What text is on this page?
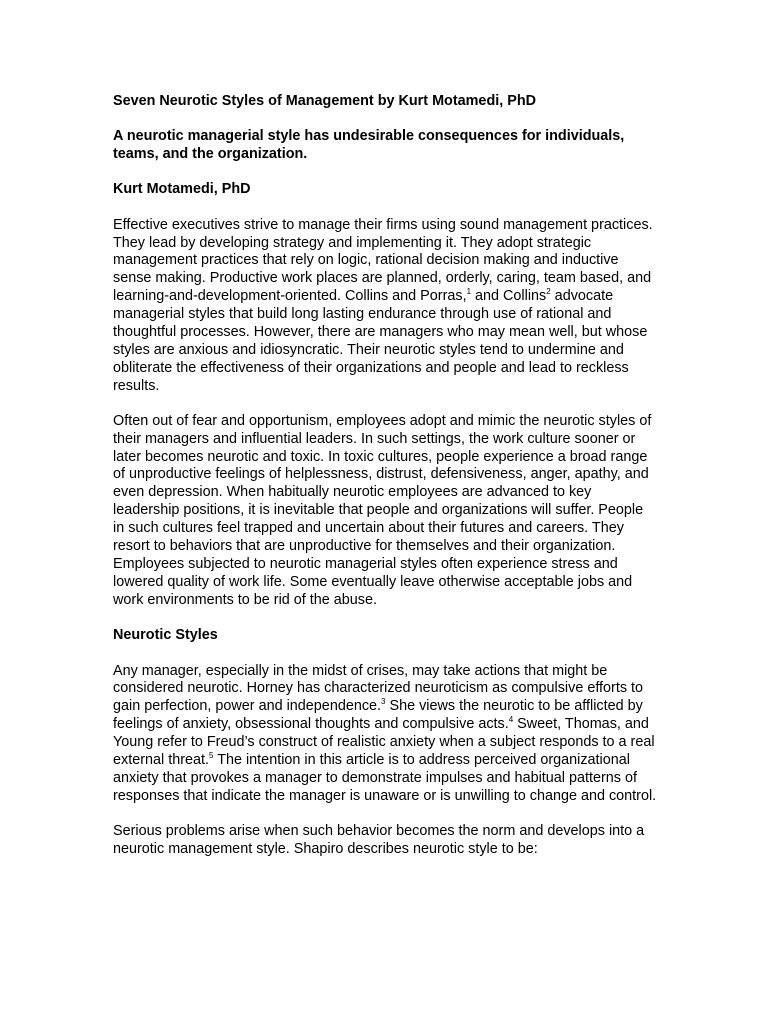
Seven Neurotic Styles of Management by Kurt Motamedi, PhD

A neurotic managerial style has undesirable consequences for individuals, teams, and the organization.

Kurt Motamedi, PhD

Effective executives strive to manage their firms using sound management practices. They lead by developing strategy and implementing it. They adopt strategic management practices that rely on logic, rational decision making and inductive sense making. Productive work places are planned, orderly, caring, team based, and learning-and-development-oriented. Collins and Porras,$^1$ and Collins$^2$ advocate managerial styles that build long lasting endurance through use of rational and thoughtful processes. However, there are managers who may mean well, but whose styles are anxious and idiosyncratic. Their neurotic styles tend to undermine and obliterate the effectiveness of their organizations and people and lead to reckless results.

Often out of fear and opportunism, employees adopt and mimic the neurotic styles of their managers and influential leaders. In such settings, the work culture sooner or later becomes neurotic and toxic. In toxic cultures, people experience a broad range of unproductive feelings of helplessness, distrust, defensiveness, anger, apathy, and even depression. When habitually neurotic employees are advanced to key leadership positions, it is inevitable that people and organizations will suffer. People in such cultures feel trapped and uncertain about their futures and careers. They resort to behaviors that are unproductive for themselves and their organization. Employees subjected to neurotic managerial styles often experience stress and lowered quality of work life. Some eventually leave otherwise acceptable jobs and work environments to be rid of the abuse.

Neurotic Styles

Any manager, especially in the midst of crises, may take actions that might be considered neurotic. Horney has characterized neuroticism as compulsive efforts to gain perfection, power and independence.$^3$ She views the neurotic to be afflicted by feelings of anxiety, obsessional thoughts and compulsive acts.$^4$ Sweet, Thomas, and Young refer to Freud’s construct of realistic anxiety when a subject responds to a real external threat.$^5$ The intention in this article is to address perceived organizational anxiety that provokes a manager to demonstrate impulses and habitual patterns of responses that indicate the manager is unaware or is unwilling to change and control.

Serious problems arise when such behavior becomes the norm and develops into a neurotic management style. Shapiro describes neurotic style to be:
